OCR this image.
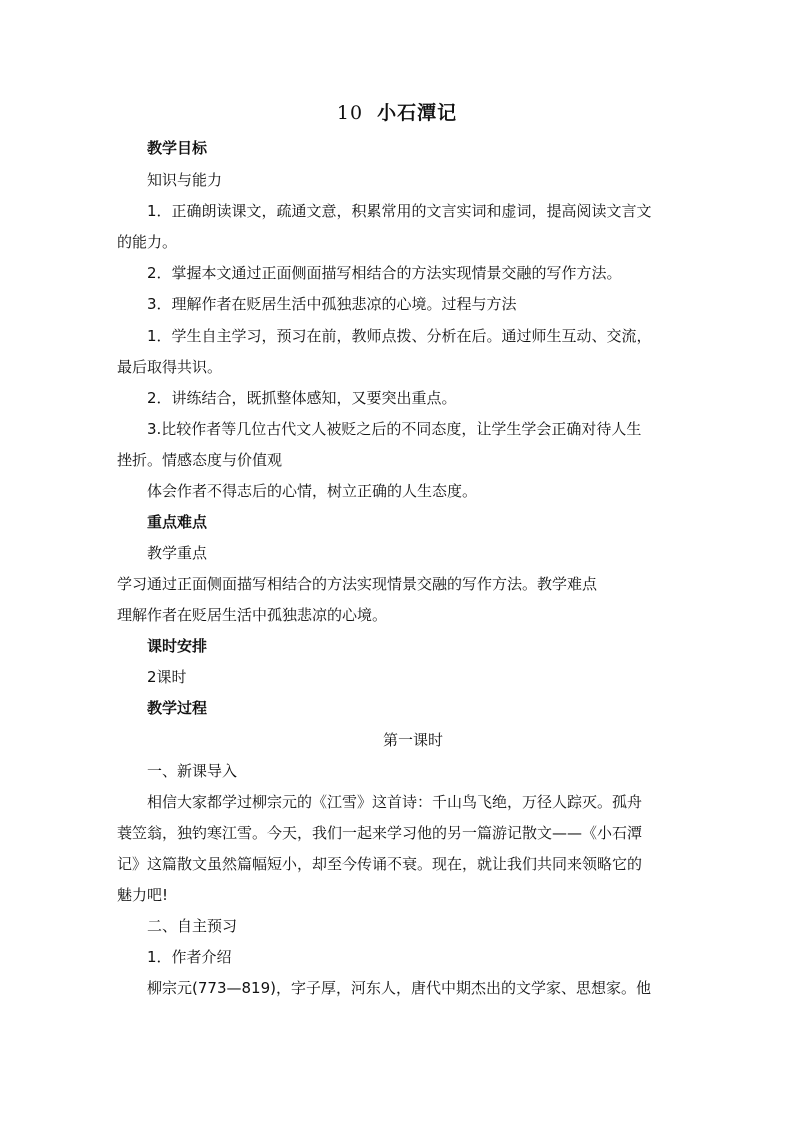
10 小石潭记
教学目标
知识与能力
1．正确朗读课文，疏通文意，积累常用的文言实词和虚词，提高阅读文言文
的能力。
2．掌握本文通过正面侧面描写相结合的方法实现情景交融的写作方法。
3．理解作者在贬居生活中孤独悲凉的心境。过程与方法
1．学生自主学习，预习在前，教师点拨、分析在后。通过师生互动、交流，
最后取得共识。
2．讲练结合，既抓整体感知，又要突出重点。
3.比较作者等几位古代文人被贬之后的不同态度，让学生学会正确对待人生
挫折。情感态度与价值观
体会作者不得志后的心情，树立正确的人生态度。
重点难点
教学重点
学习通过正面侧面描写相结合的方法实现情景交融的写作方法。教学难点
理解作者在贬居生活中孤独悲凉的心境。
课时安排
2课时
教学过程
第一课时
一、新课导入
相信大家都学过柳宗元的《江雪》这首诗：千山鸟飞绝，万径人踪灭。孤舟
蓑笠翁，独钓寒江雪。今天，我们一起来学习他的另一篇游记散文——《小石潭
记》这篇散文虽然篇幅短小，却至今传诵不衰。现在，就让我们共同来领略它的
魅力吧!
二、自主预习
1．作者介绍
柳宗元(773—819)，字子厚，河东人，唐代中期杰出的文学家、思想家。他
